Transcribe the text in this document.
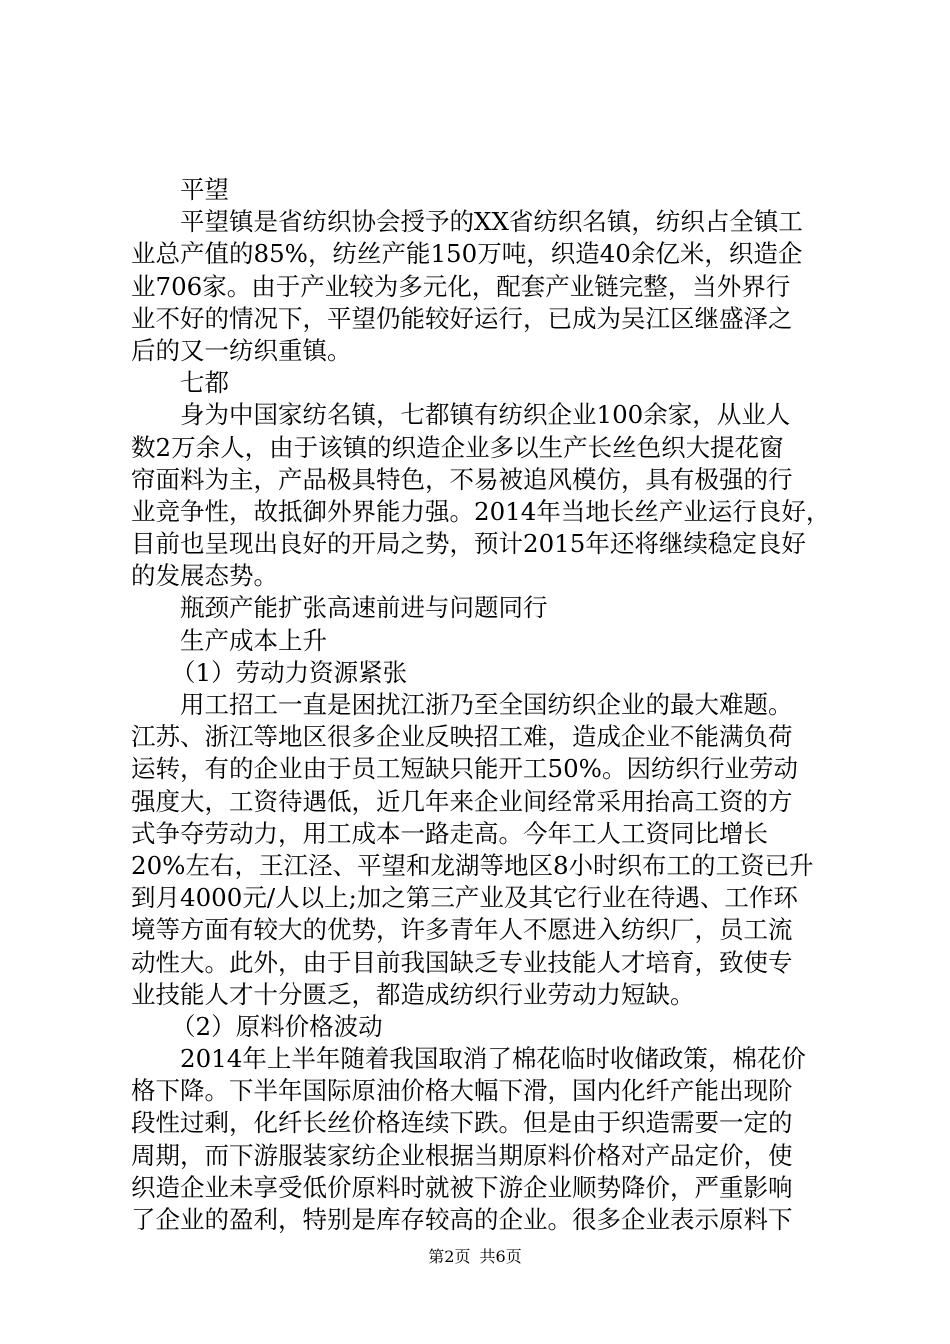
平望
平望镇是省纺织协会授予的XX省纺织名镇，纺织占全镇工
业总产值的85%，纺丝产能150万吨，织造40余亿米，织造企
业706家。由于产业较为多元化，配套产业链完整，当外界行
业不好的情况下，平望仍能较好运行，已成为吴江区继盛泽之
后的又一纺织重镇。
七都
身为中国家纺名镇，七都镇有纺织企业100余家，从业人
数2万余人，由于该镇的织造企业多以生产长丝色织大提花窗
帘面料为主，产品极具特色，不易被追风模仿，具有极强的行
业竞争性，故抵御外界能力强。2014年当地长丝产业运行良好，
目前也呈现出良好的开局之势，预计2015年还将继续稳定良好
的发展态势。
瓶颈产能扩张高速前进与问题同行
生产成本上升
（1）劳动力资源紧张
用工招工一直是困扰江浙乃至全国纺织企业的最大难题。
江苏、浙江等地区很多企业反映招工难，造成企业不能满负荷
运转，有的企业由于员工短缺只能开工50%。因纺织行业劳动
强度大，工资待遇低，近几年来企业间经常采用抬高工资的方
式争夺劳动力，用工成本一路走高。今年工人工资同比增长
20%左右，王江泾、平望和龙湖等地区8小时织布工的工资已升
到月4000元/人以上;加之第三产业及其它行业在待遇、工作环
境等方面有较大的优势，许多青年人不愿进入纺织厂，员工流
动性大。此外，由于目前我国缺乏专业技能人才培育，致使专
业技能人才十分匮乏，都造成纺织行业劳动力短缺。
（2）原料价格波动
2014年上半年随着我国取消了棉花临时收储政策，棉花价
格下降。下半年国际原油价格大幅下滑，国内化纤产能出现阶
段性过剩，化纤长丝价格连续下跌。但是由于织造需要一定的
周期，而下游服装家纺企业根据当期原料价格对产品定价，使
织造企业未享受低价原料时就被下游企业顺势降价，严重影响
了企业的盈利，特别是库存较高的企业。很多企业表示原料下
第2页 共6页
